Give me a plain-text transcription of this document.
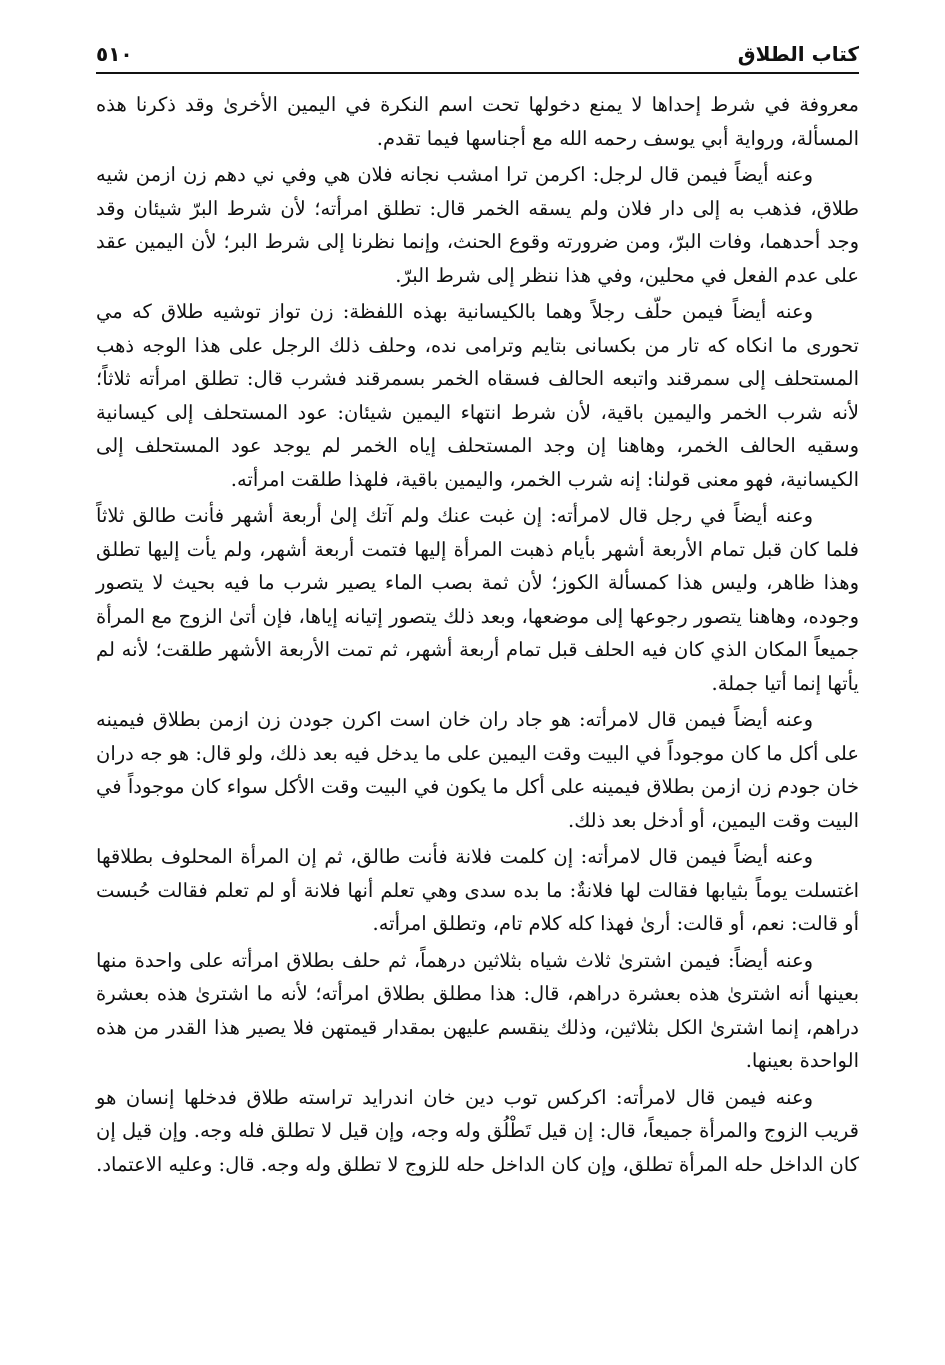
كتاب الطلاق
٥١٠

معروفة في شرط إحداها لا يمنع دخولها تحت اسم النكرة في اليمين الأخرىٰ وقد ذكرنا هذه المسألة، ورواية أبي يوسف رحمه الله مع أجناسها فيما تقدم.

وعنه أيضاً فيمن قال لرجل: اكرمن ترا امشب نجانه فلان هي وفي ني دهم زن ازمن شيه طلاق، فذهب به إلى دار فلان ولم يسقه الخمر قال: تطلق امرأته؛ لأن شرط البرّ شيئان وقد وجد أحدهما، وفات البرّ، ومن ضرورته وقوع الحنث، وإنما نظرنا إلى شرط البر؛ لأن اليمين عقد على عدم الفعل في محلين، وفي هذا ننظر إلى شرط البرّ.

وعنه أيضاً فيمن حلّف رجلاً وهما بالكيسانية بهذه اللفظة: زن تواز توشيه طلاق كه مي تحورى ما انكاه كه تار من بكسانى بتايم وترامى نده، وحلف ذلك الرجل على هذا الوجه ذهب المستحلف إلى سمرقند واتبعه الحالف فسقاه الخمر بسمرقند فشرب قال: تطلق امرأته ثلاثاً؛ لأنه شرب الخمر واليمين باقية، لأن شرط انتهاء اليمين شيئان: عود المستحلف إلى كيسانية وسقيه الحالف الخمر، وهاهنا إن وجد المستحلف إياه الخمر لم يوجد عود المستحلف إلى الكيسانية، فهو معنى قولنا: إنه شرب الخمر، واليمين باقية، فلهذا طلقت امرأته.

وعنه أيضاً في رجل قال لامرأته: إن غبت عنك ولم آتك إلىٰ أربعة أشهر فأنت طالق ثلاثاً فلما كان قبل تمام الأربعة أشهر بأيام ذهبت المرأة إليها فتمت أربعة أشهر، ولم يأت إليها تطلق وهذا ظاهر، وليس هذا كمسألة الكوز؛ لأن ثمة بصب الماء يصير شرب ما فيه بحيث لا يتصور وجوده، وهاهنا يتصور رجوعها إلى موضعها، وبعد ذلك يتصور إتيانه إياها، فإن أتىٰ الزوج مع المرأة جميعاً المكان الذي كان فيه الحلف قبل تمام أربعة أشهر، ثم تمت الأربعة الأشهر طلقت؛ لأنه لم يأتها إنما أتيا جملة.

وعنه أيضاً فيمن قال لامرأته: هو جاد ران خان است اكرن جودن زن ازمن بطلاق فيمينه على أكل ما كان موجوداً في البيت وقت اليمين على ما يدخل فيه بعد ذلك، ولو قال: هو جه دران خان جودم زن ازمن بطلاق فيمينه على أكل ما يكون في البيت وقت الأكل سواء كان موجوداً في البيت وقت اليمين، أو أدخل بعد ذلك.

وعنه أيضاً فيمن قال لامرأته: إن كلمت فلانة فأنت طالق، ثم إن المرأة المحلوف بطلاقها اغتسلت يوماً بثيابها فقالت لها فلانةٌ: ما بده سدى وهي تعلم أنها فلانة أو لم تعلم فقالت حُبست أو قالت: نعم، أو قالت: أرىٰ فهذا كله كلام تام، وتطلق امرأته.

وعنه أيضاً: فيمن اشترىٰ ثلاث شياه بثلاثين درهماً، ثم حلف بطلاق امرأته على واحدة منها بعينها أنه اشترىٰ هذه بعشرة دراهم، قال: هذا مطلق بطلاق امرأته؛ لأنه ما اشترىٰ هذه بعشرة دراهم، إنما اشترىٰ الكل بثلاثين، وذلك ينقسم عليهن بمقدار قيمتهن فلا يصير هذا القدر من هذه الواحدة بعينها.

وعنه فيمن قال لامرأته: اكركس توب دين خان اندرايد تراسته طلاق فدخلها إنسان هو قريب الزوج والمرأة جميعاً، قال: إن قيل تَطْلُق وله وجه، وإن قيل لا تطلق فله وجه. وإن قيل إن كان الداخل حله المرأة تطلق، وإن كان الداخل حله للزوج لا تطلق وله وجه. قال: وعليه الاعتماد.
